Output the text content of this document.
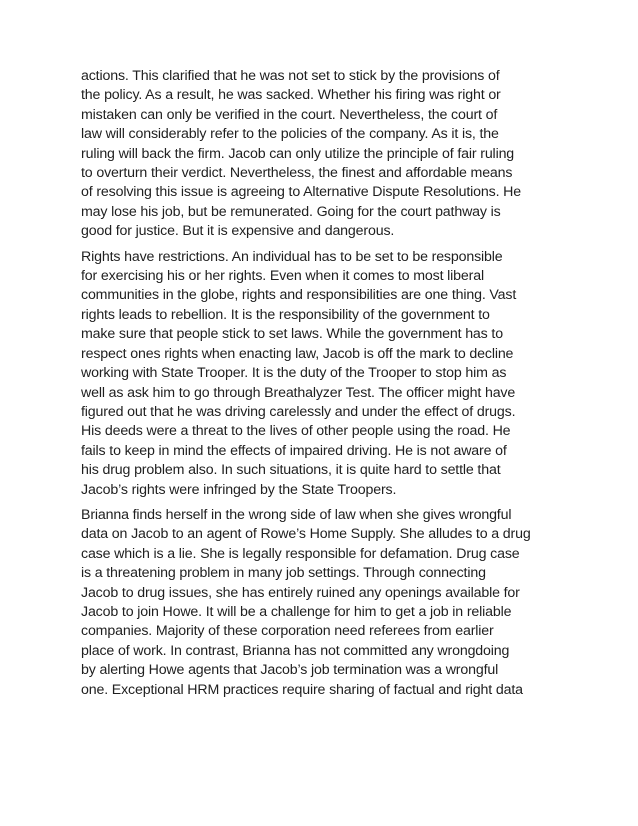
actions. This clarified that he was not set to stick by the provisions of
the policy. As a result, he was sacked. Whether his firing was right or
mistaken can only be verified in the court. Nevertheless, the court of
law will considerably refer to the policies of the company. As it is, the
ruling will back the firm. Jacob can only utilize the principle of fair ruling
to overturn their verdict. Nevertheless, the finest and affordable means
of resolving this issue is agreeing to Alternative Dispute Resolutions. He
may lose his job, but be remunerated. Going for the court pathway is
good for justice. But it is expensive and dangerous.

Rights have restrictions. An individual has to be set to be responsible
for exercising his or her rights. Even when it comes to most liberal
communities in the globe, rights and responsibilities are one thing. Vast
rights leads to rebellion. It is the responsibility of the government to
make sure that people stick to set laws. While the government has to
respect ones rights when enacting law, Jacob is off the mark to decline
working with State Trooper. It is the duty of the Trooper to stop him as
well as ask him to go through Breathalyzer Test. The officer might have
figured out that he was driving carelessly and under the effect of drugs.
His deeds were a threat to the lives of other people using the road. He
fails to keep in mind the effects of impaired driving. He is not aware of
his drug problem also. In such situations, it is quite hard to settle that
Jacob’s rights were infringed by the State Troopers.

Brianna finds herself in the wrong side of law when she gives wrongful
data on Jacob to an agent of Rowe’s Home Supply. She alludes to a drug
case which is a lie. She is legally responsible for defamation. Drug case
is a threatening problem in many job settings. Through connecting
Jacob to drug issues, she has entirely ruined any openings available for
Jacob to join Howe. It will be a challenge for him to get a job in reliable
companies. Majority of these corporation need referees from earlier
place of work. In contrast, Brianna has not committed any wrongdoing
by alerting Howe agents that Jacob’s job termination was a wrongful
one. Exceptional HRM practices require sharing of factual and right data
